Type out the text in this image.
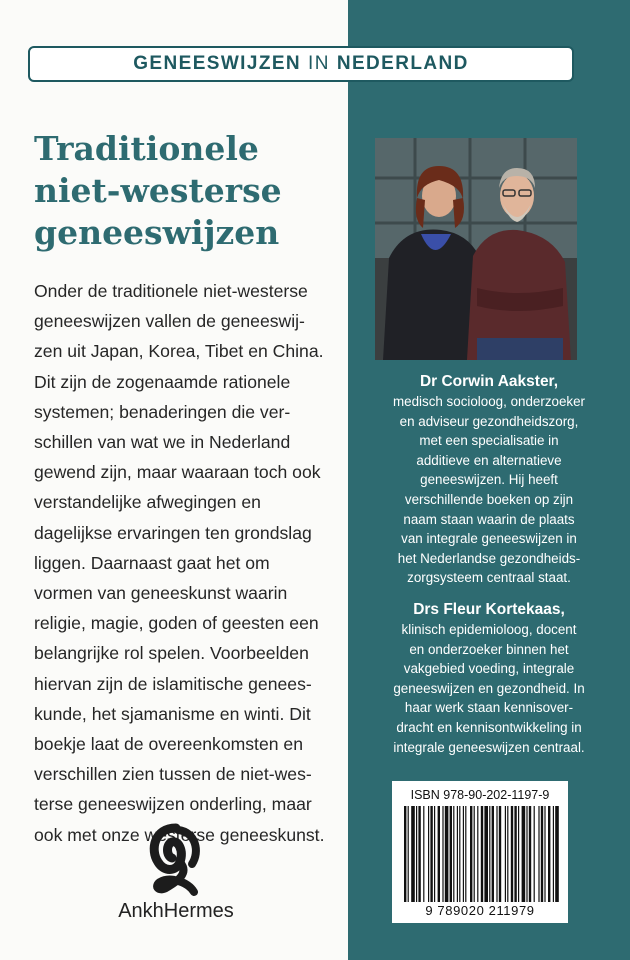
GENEESWIJZEN IN NEDERLAND
Traditionele
niet-westerse
geneeswijzen
Onder de traditionele niet-westerse
geneeswijzen vallen de geneeswij-
zen uit Japan, Korea, Tibet en China.
Dit zijn de zogenaamde rationele
systemen; benaderingen die ver-
schillen van wat we in Nederland
gewend zijn, maar waaraan toch ook
verstandelijke afwegingen en
dagelijkse ervaringen ten grondslag
liggen. Daarnaast gaat het om
vormen van geneeskunst waarin
religie, magie, goden of geesten een
belangrijke rol spelen. Voorbeelden
hiervan zijn de islamitische genees-
kunde, het sjamanisme en winti. Dit
boekje laat de overeenkomsten en
verschillen zien tussen de niet-wes-
terse geneeswijzen onderling, maar
ook met onze westerse geneeskunst.
Dr Corwin Aakster,
medisch socioloog, onderzoeker
en adviseur gezondheidszorg,
met een specialisatie in
additieve en alternatieve
geneeswijzen. Hij heeft
verschillende boeken op zijn
naam staan waarin de plaats
van integrale geneeswijzen in
het Nederlandse gezondheids-
zorgsysteem centraal staat.
Drs Fleur Kortekaas,
klinisch epidemioloog, docent
en onderzoeker binnen het
vakgebied voeding, integrale
geneeswijzen en gezondheid. In
haar werk staan kennisover-
dracht en kennisontwikkeling in
integrale geneeswijzen centraal.
ISBN 978-90-202-1197-9
9 789020 211979
AnkhHermes
